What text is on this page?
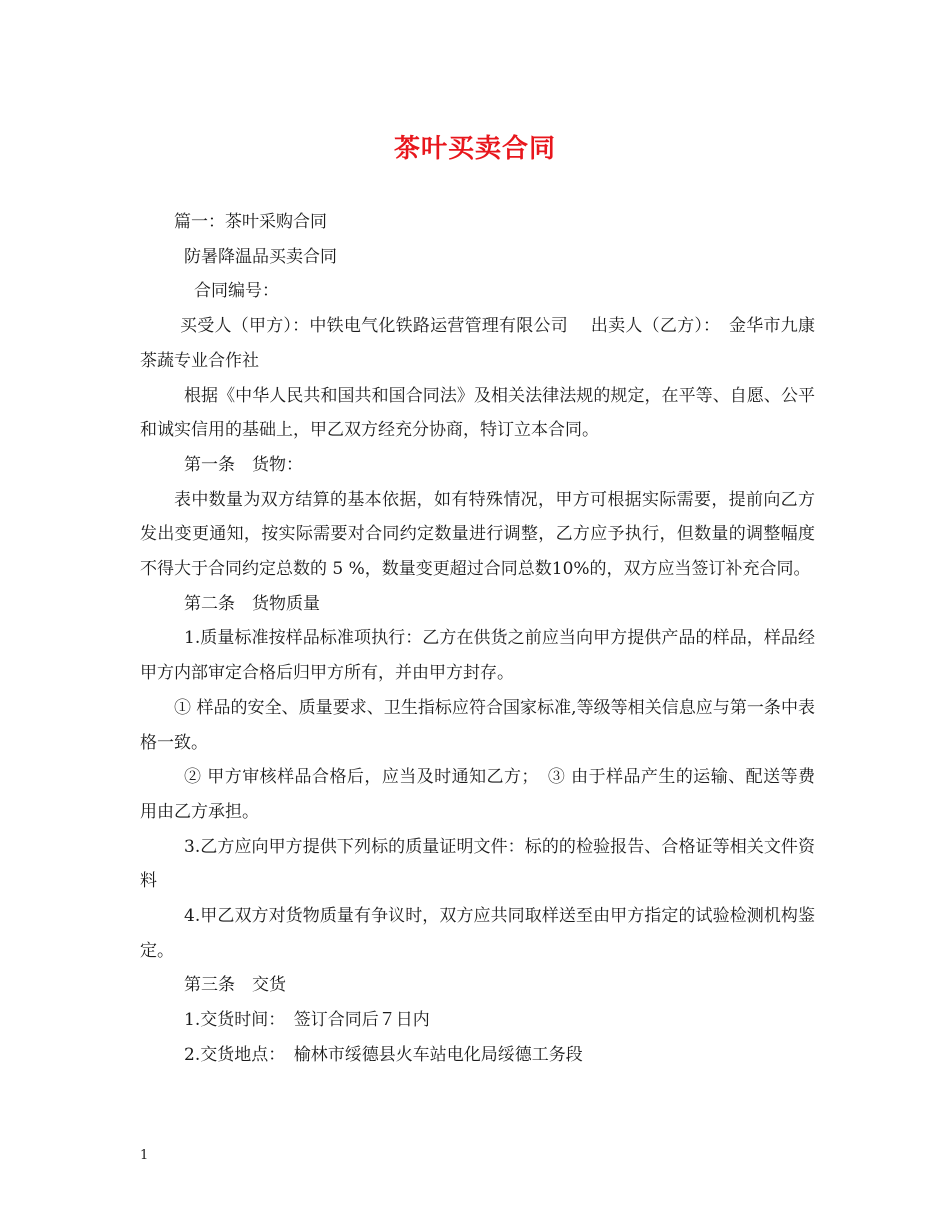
茶叶买卖合同

篇一：茶叶采购合同

防暑降温品买卖合同

合同编号：

买受人（甲方）：中铁电气化铁路运营管理有限公司　 出卖人（乙方）：　金华市九康茶蔬专业合作社

根据《中华人民共和国共和国合同法》及相关法律法规的规定，在平等、自愿、公平和诚实信用的基础上，甲乙双方经充分协商，特订立本合同。

第一条　货物：

表中数量为双方结算的基本依据，如有特殊情况，甲方可根据实际需要，提前向乙方发出变更通知，按实际需要对合同约定数量进行调整，乙方应予执行，但数量的调整幅度不得大于合同约定总数的 5 %，数量变更超过合同总数10%的，双方应当签订补充合同。

第二条　货物质量

1.质量标准按样品标准项执行：乙方在供货之前应当向甲方提供产品的样品，样品经甲方内部审定合格后归甲方所有，并由甲方封存。

① 样品的安全、质量要求、卫生指标应符合国家标准,等级等相关信息应与第一条中表格一致。

② 甲方审核样品合格后，应当及时通知乙方；　③ 由于样品产生的运输、配送等费用由乙方承担。

3.乙方应向甲方提供下列标的质量证明文件：标的的检验报告、合格证等相关文件资料

4.甲乙双方对货物质量有争议时，双方应共同取样送至由甲方指定的试验检测机构鉴定。

第三条　交货

1.交货时间：　签订合同后７日内

2.交货地点：　榆林市绥德县火车站电化局绥德工务段

1
